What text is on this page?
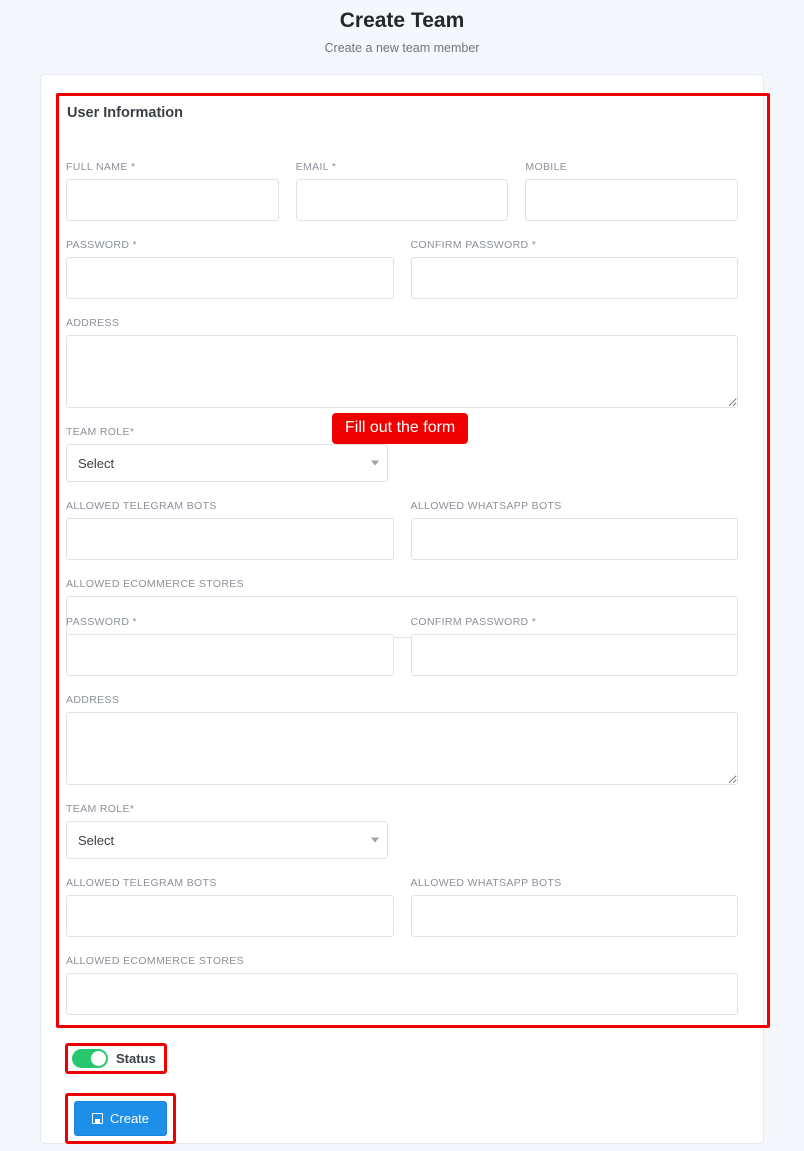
Create Team

Create a new team member

User Information
FULL NAME *	EMAIL *	MOBILE
PASSWORD *	CONFIRM PASSWORD *
ADDRESS
TEAM ROLE*
Select
ALLOWED TELEGRAM BOTS	ALLOWED WHATSAPP BOTS
ALLOWED ECOMMERCE STORES
PASSWORD *	CONFIRM PASSWORD *
ADDRESS
TEAM ROLE*
Select
ALLOWED TELEGRAM BOTS	ALLOWED WHATSAPP BOTS
ALLOWED ECOMMERCE STORES
Fill out the form
Status
Create
